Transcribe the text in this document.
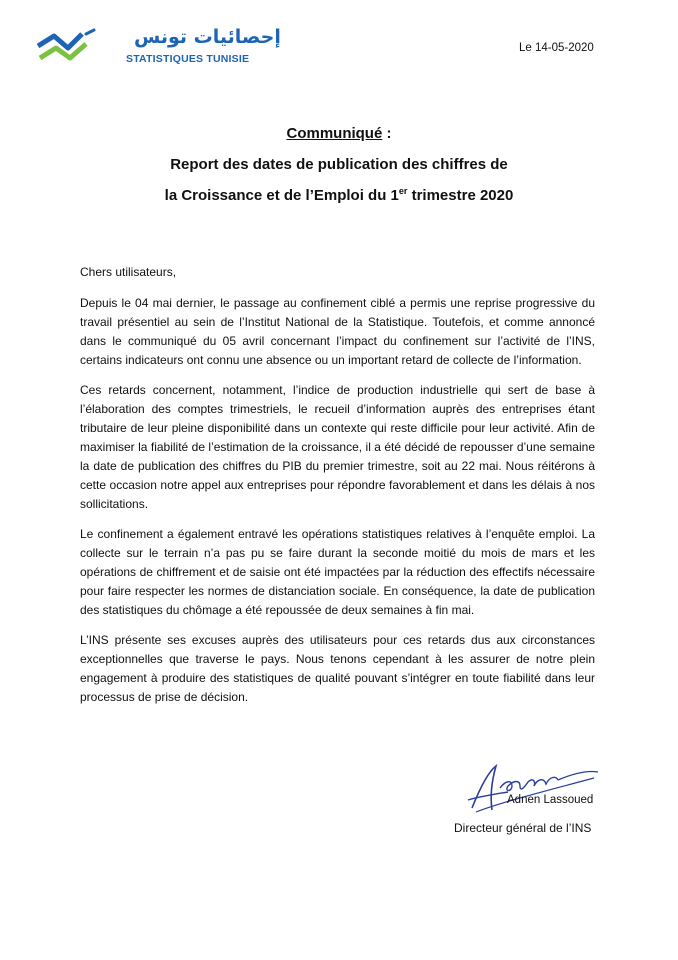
إحصائيات تونس
STATISTIQUES TUNISIE
Le 14-05-2020
Communiqué :
Report des dates de publication des chiffres de
la Croissance et de l’Emploi du 1er trimestre 2020

Chers utilisateurs,

Depuis le 04 mai dernier, le passage au confinement ciblé a permis une reprise progressive du travail présentiel au sein de l’Institut National de la Statistique. Toutefois, et comme annoncé dans le communiqué du 05 avril concernant l’impact du confinement sur l’activité de l’INS, certains indicateurs ont connu une absence ou un important retard de collecte de l’information.

Ces retards concernent, notamment, l’indice de production industrielle qui sert de base à l’élaboration des comptes trimestriels, le recueil d’information auprès des entreprises étant tributaire de leur pleine disponibilité dans un contexte qui reste difficile pour leur activité. Afin de maximiser la fiabilité de l’estimation de la croissance, il a été décidé de repousser d’une semaine la date de publication des chiffres du PIB du premier trimestre, soit au 22 mai. Nous réitérons à cette occasion notre appel aux entreprises pour répondre favorablement et dans les délais à nos sollicitations.

Le confinement a également entravé les opérations statistiques relatives à l’enquête emploi. La collecte sur le terrain n’a pas pu se faire durant la seconde moitié du mois de mars et les opérations de chiffrement et de saisie ont été impactées par la réduction des effectifs nécessaire pour faire respecter les normes de distanciation sociale. En conséquence, la date de publication des statistiques du chômage a été repoussée de deux semaines à fin mai.

L’INS présente ses excuses auprès des utilisateurs pour ces retards dus aux circonstances exceptionnelles que traverse le pays. Nous tenons cependant à les assurer de notre plein engagement à produire des statistiques de qualité pouvant s’intégrer en toute fiabilité dans leur processus de prise de décision.

Adnen Lassoued
Directeur général de l’INS
